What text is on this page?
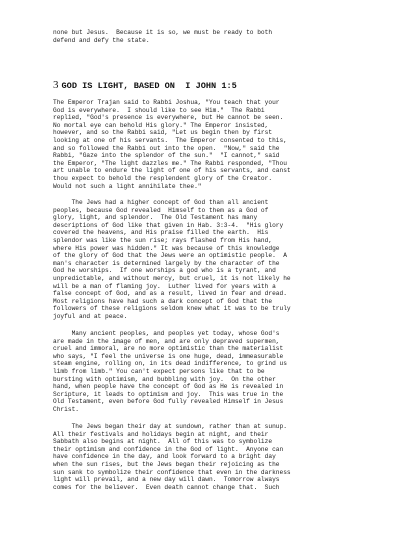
none but Jesus.  Because it is so, we must be ready to both

defend and defy the state.

3 GOD IS LIGHT, BASED ON  I JOHN 1:5

The Emperor Trajan said to Rabbi Joshua, "You teach that your

God is everywhere.  I should like to see Him."  The Rabbi

replied, "God's presence is everywhere, but He cannot be seen.

No mortal eye can behold His glory." The Emperor insisted,

however, and so the Rabbi said, "Let us begin then by first

looking at one of his servants.  The Emperor consented to this,

and so followed the Rabbi out into the open.  "Now," said the

Rabbi, "Gaze into the splendor of the sun."  "I cannot," said

the Emperor, "The light dazzles me." The Rabbi responded, "Thou

art unable to endure the light of one of his servants, and canst

thou expect to behold the resplendent glory of the Creator.

Would not such a light annihilate thee."

The Jews had a higher concept of God than all ancient

peoples, because God revealed  Himself to them as a God of

glory, light, and splendor.  The Old Testament has many

descriptions of God like that given in Hab. 3:3-4.  "His glory

covered the heavens, and His praise filled the earth.  His

splendor was like the sun rise; rays flashed from His hand,

where His power was hidden." It was because of this knowledge

of the glory of God that the Jews were an optimistic people.  A

man's character is determined largely by the character of the

God he worships.  If one worships a god who is a tyrant, and

unpredictable, and without mercy, but cruel, it is not likely he

will be a man of flaming joy.  Luther lived for years with a

false concept of God, and as a result, lived in fear and dread.

Most religions have had such a dark concept of God that the

followers of these religions seldom knew what it was to be truly

joyful and at peace.

Many ancient peoples, and peoples yet today, whose God's

are made in the image of men, and are only depraved supermen,

cruel and immoral, are no more optimistic than the materialist

who says, "I feel the universe is one huge, dead, immeasurable

steam engine, rolling on, in its dead indifference, to grind us

limb from limb." You can't expect persons like that to be

bursting with optimism, and bubbling with joy.  On the other

hand, when people have the concept of God as He is revealed in

Scripture, it leads to optimism and joy.  This was true in the

Old Testament, even before God fully revealed Himself in Jesus

Christ.

The Jews began their day at sundown, rather than at sunup.

All their festivals and holidays begin at night, and their

Sabbath also begins at night.  All of this was to symbolize

their optimism and confidence in the God of light.  Anyone can

have confidence in the day, and look forward to a bright day

when the sun rises, but the Jews began their rejoicing as the

sun sank to symbolize their confidence that even in the darkness

light will prevail, and a new day will dawn.  Tomorrow always

comes for the believer.  Even death cannot change that.  Such
